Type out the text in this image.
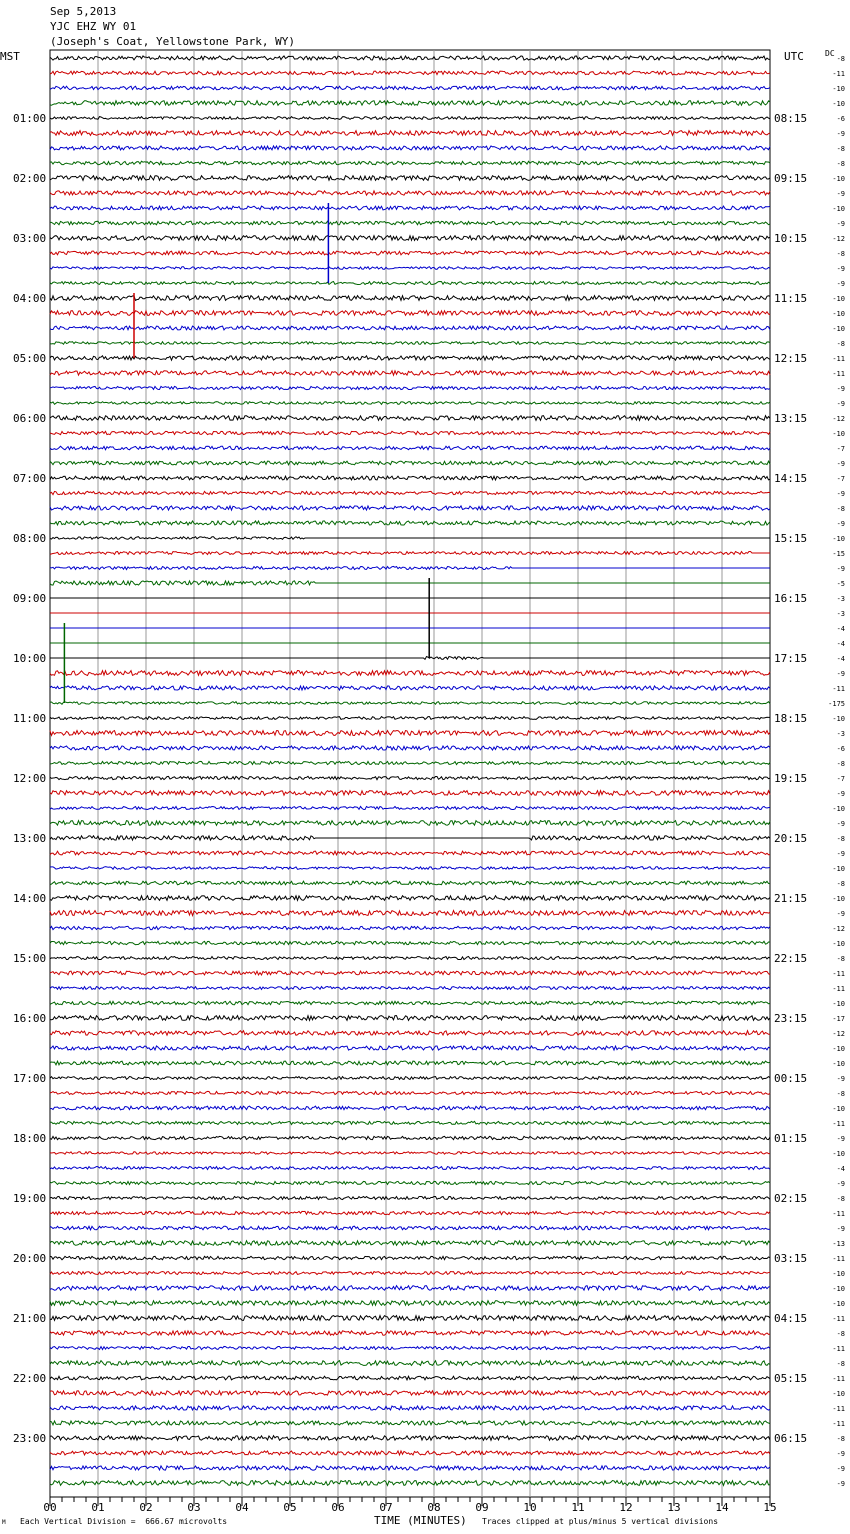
Sep 5,2013
YJC EHZ WY 01
(Joseph's Coat, Yellowstone Park, WY)
MST	UTC	DC
00	01	02	03	04	05	06	07	08	09	10	11	12	13	14	15
-8
-11
-10
-10
-6
-9
-8
-8
-10
-9
-10
-9
-12
-8
-9
-9
-10
-10
-10
-8
-11
-11
-9
-9
-12
-10
-7
-9
-7
-9
-8
-9
-10
-15
-9
-5
-3
-3
-4
-4
-4
-9
-11
-175
-10
-3
-6
-8
-7
-9
-10
-9
-8
-9
-10
-8
-10
-9
-12
-10
-8
-11
-11
-10
-17
-12
-10
-10
-9
-8
-10
-11
-9
-10
-4
-9
-8
-11
-9
-13
-11
-10
-10
-10
-11
-8
-11
-8
-11
-10
-11
-11
-8
-9
-9
-9
01:00	08:15
02:00	09:15
03:00	10:15
04:00	11:15
05:00	12:15
06:00	13:15
07:00	14:15
08:00	15:15
09:00	16:15
10:00	17:15
11:00	18:15
12:00	19:15
13:00	20:15
14:00	21:15
15:00	22:15
16:00	23:15
17:00	00:15
18:00	01:15
19:00	02:15
20:00	03:15
21:00	04:15
22:00	05:15
23:00	06:15
M Each Vertical Division =  666.67 microvolts	TIME (MINUTES) Traces clipped at plus/minus 5 vertical divisions
